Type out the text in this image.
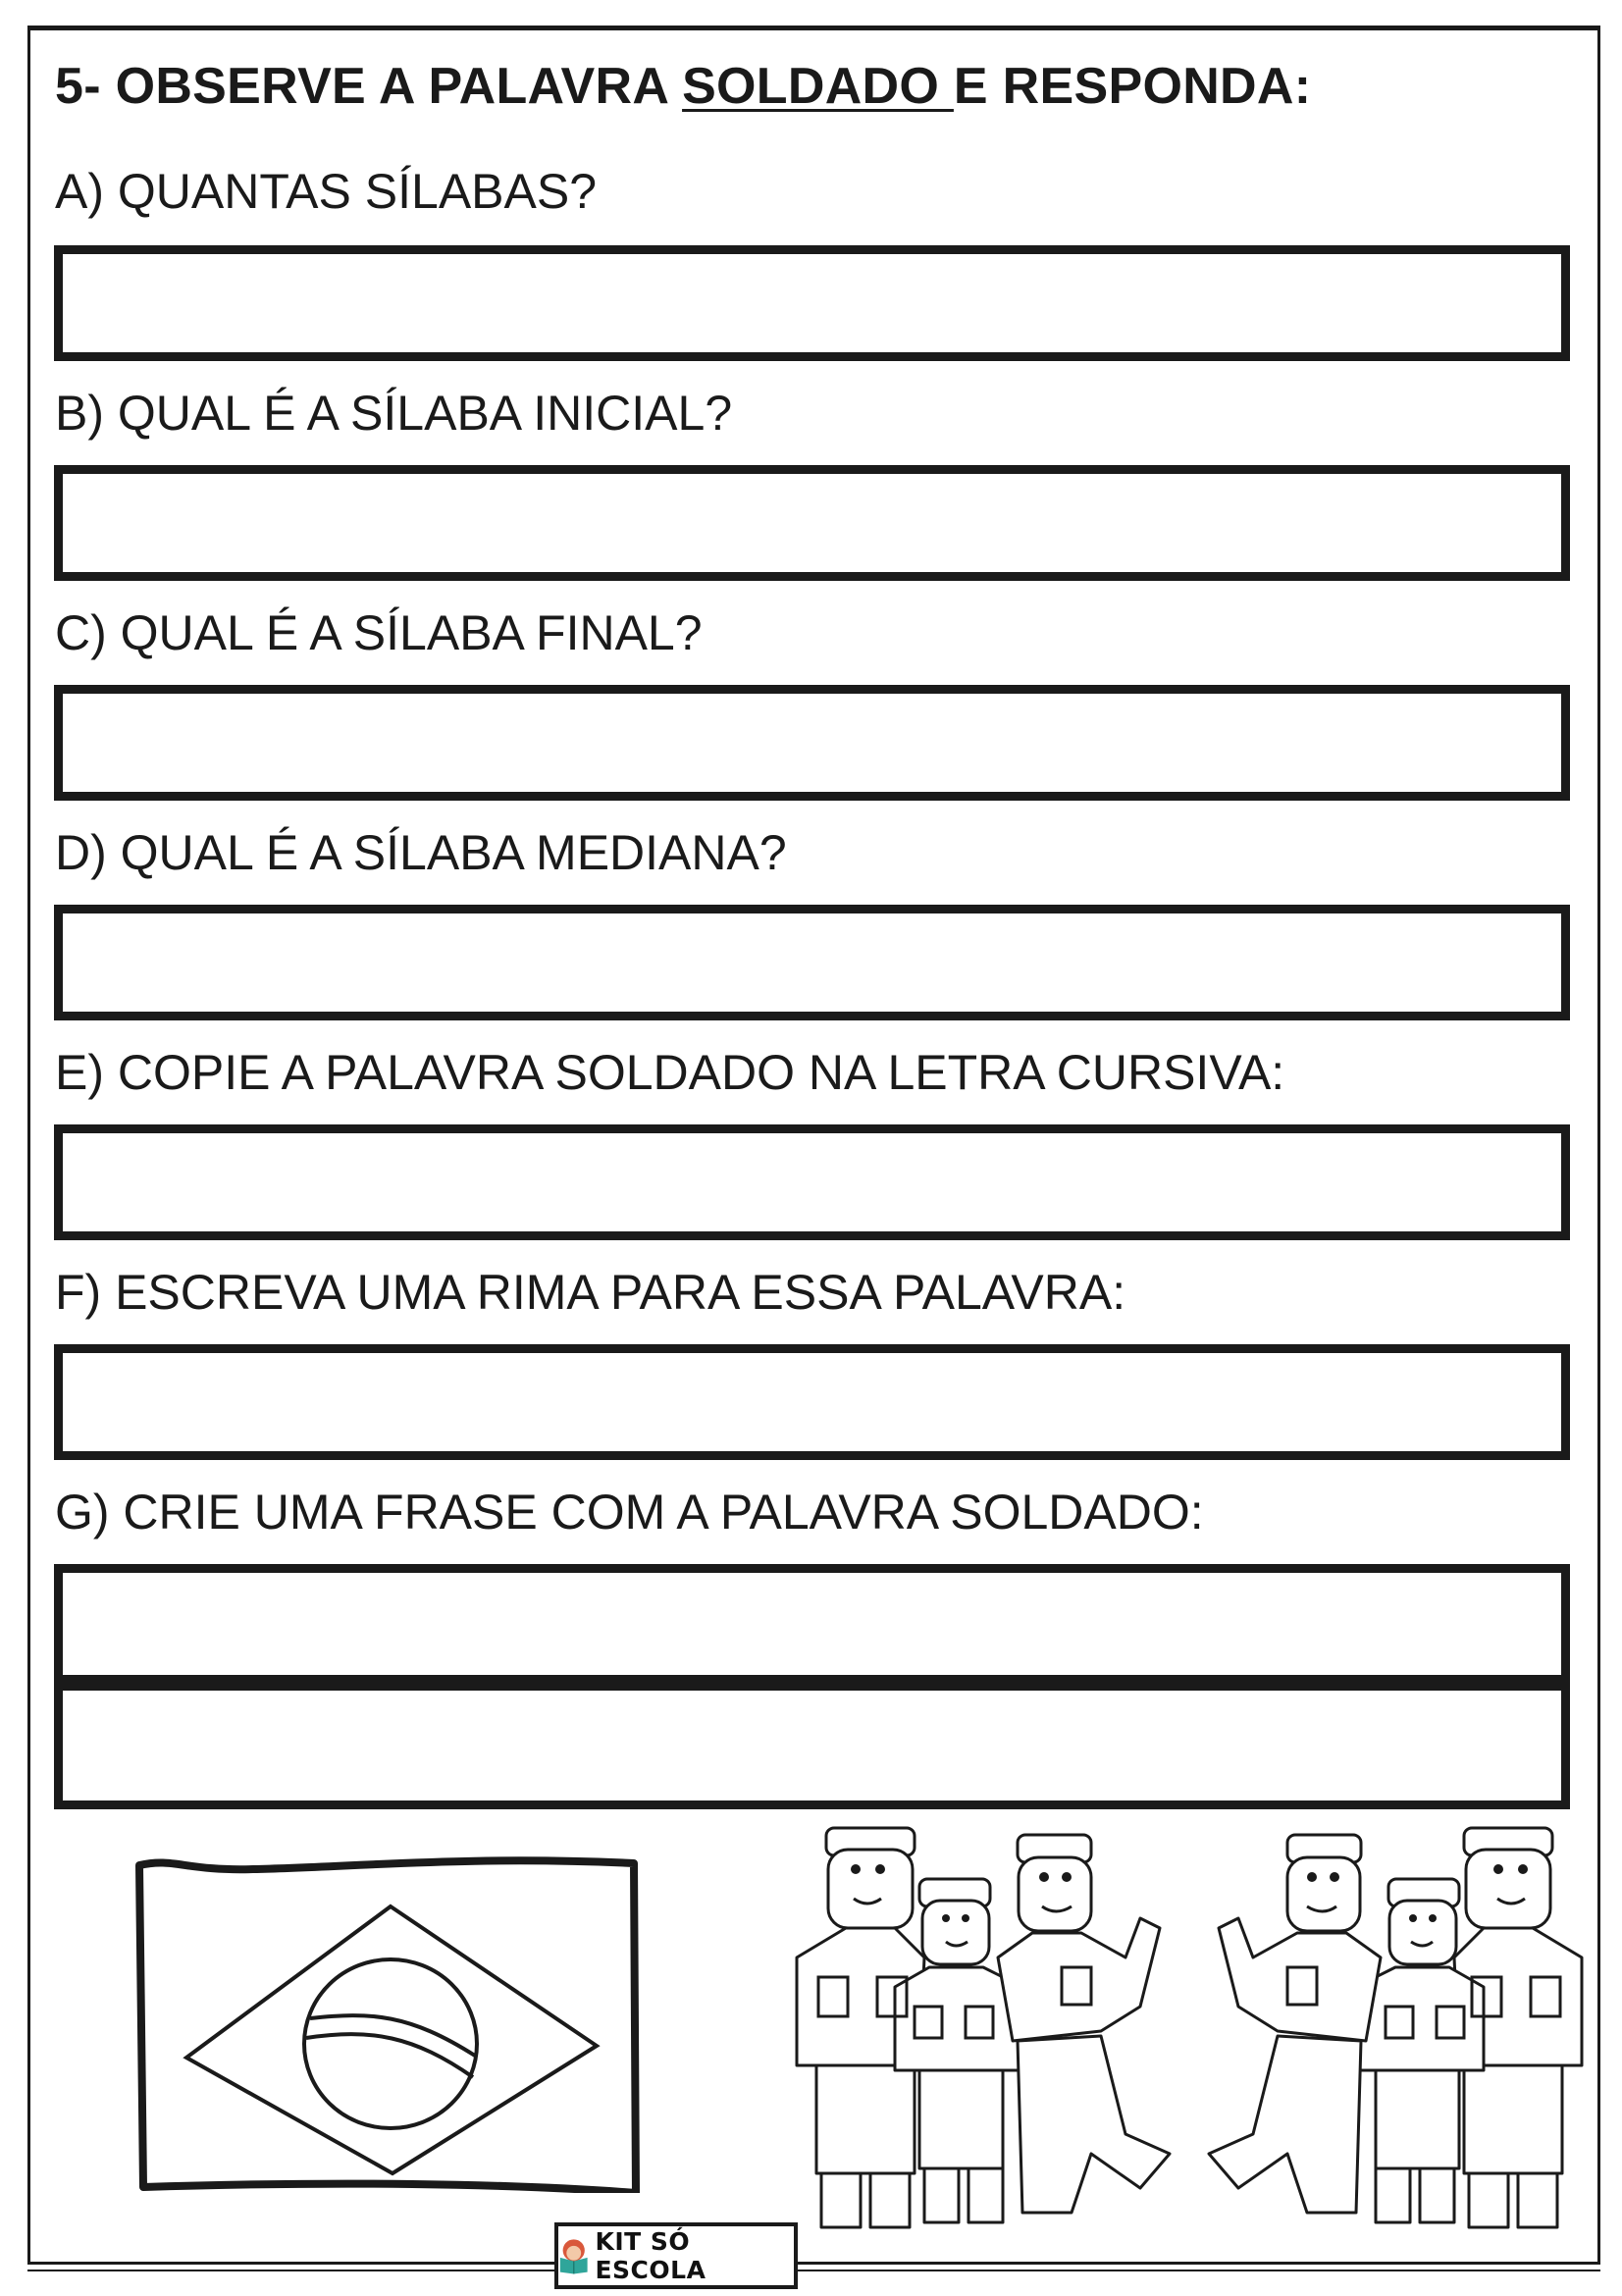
5- OBSERVE A PALAVRA SOLDADO E RESPONDA:
A) QUANTAS SÍLABAS?
B) QUAL É A SÍLABA INICIAL?
C) QUAL É A SÍLABA FINAL?
D) QUAL É A SÍLABA MEDIANA?
E) COPIE A PALAVRA SOLDADO NA LETRA CURSIVA:
F) ESCREVA UMA RIMA PARA ESSA PALAVRA:
G) CRIE UMA FRASE COM A PALAVRA SOLDADO:
KIT SÓ ESCOLA
